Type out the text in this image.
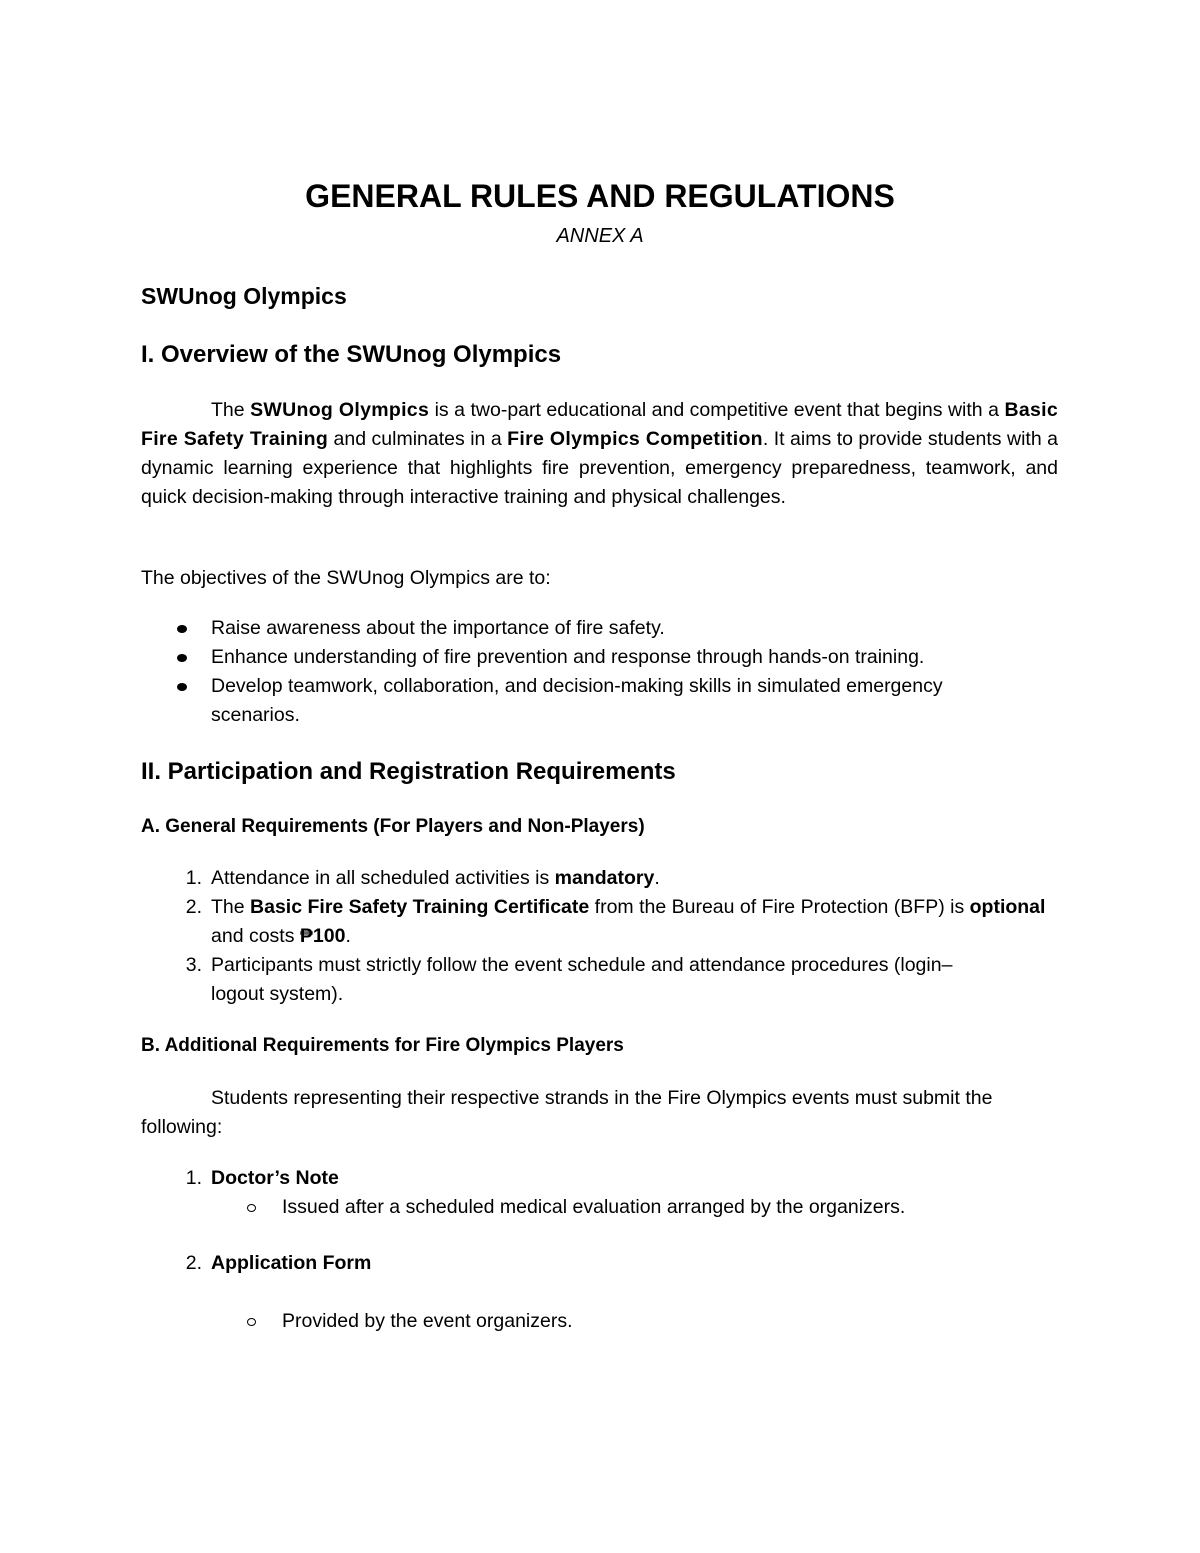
GENERAL RULES AND REGULATIONS
ANNEX A
SWUnog Olympics
I. Overview of the SWUnog Olympics
The SWUnog Olympics is a two-part educational and competitive event that begins with a Basic Fire Safety Training and culminates in a Fire Olympics Competition. It aims to provide students with a dynamic learning experience that highlights fire prevention, emergency preparedness, teamwork, and quick decision-making through interactive training and physical challenges.
The objectives of the SWUnog Olympics are to:
Raise awareness about the importance of fire safety.
Enhance understanding of fire prevention and response through hands-on training.
Develop teamwork, collaboration, and decision-making skills in simulated emergency scenarios.
II. Participation and Registration Requirements
A. General Requirements (For Players and Non-Players)
1. Attendance in all scheduled activities is mandatory.
2. The Basic Fire Safety Training Certificate from the Bureau of Fire Protection (BFP) is optional and costs ₱100.
3. Participants must strictly follow the event schedule and attendance procedures (login–logout system).
B. Additional Requirements for Fire Olympics Players
Students representing their respective strands in the Fire Olympics events must submit the following:
1. Doctor’s Note
Issued after a scheduled medical evaluation arranged by the organizers.
2. Application Form
Provided by the event organizers.
